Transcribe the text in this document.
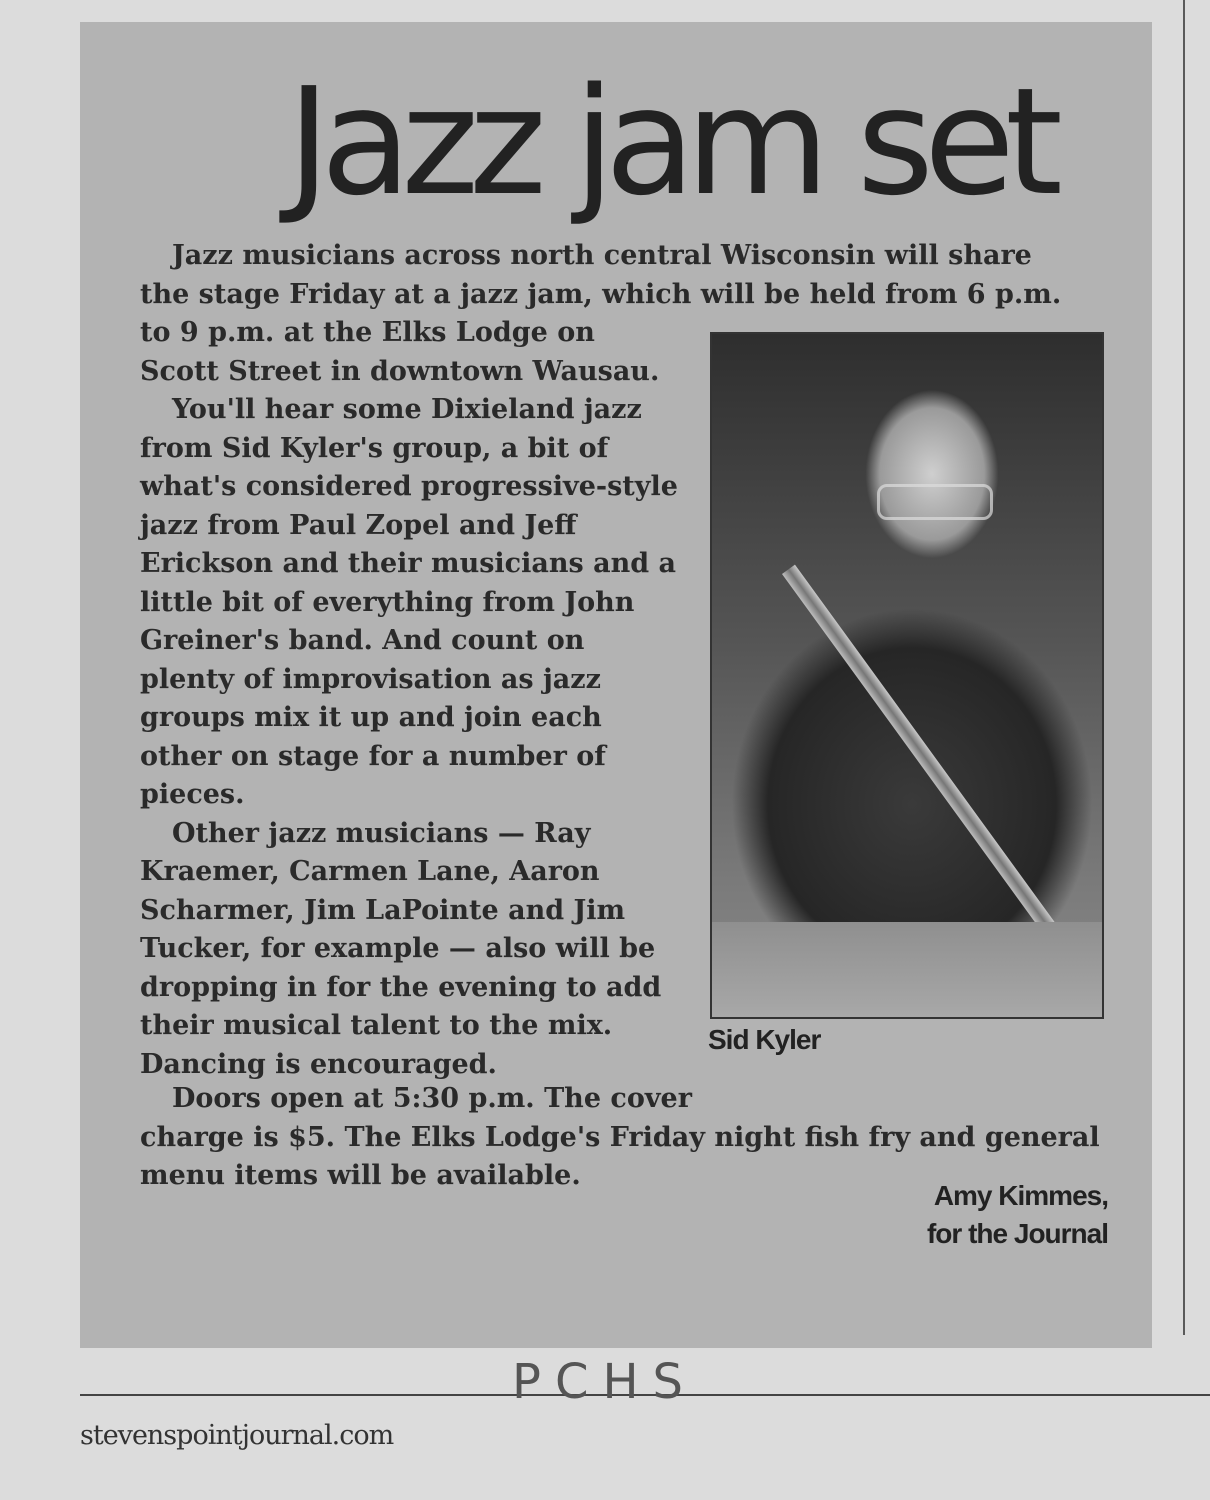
Jazz jam set

Jazz musicians across north central Wisconsin will share

the stage Friday at a jazz jam, which will be held from 6 p.m.

to 9 p.m. at the Elks Lodge on

Scott Street in downtown Wausau.

You'll hear some Dixieland jazz from Sid Kyler's group, a bit of what's considered progressive-style jazz from Paul Zopel and Jeff Erickson and their musicians and a little bit of everything from John Greiner's band. And count on plenty of improvisation as jazz groups mix it up and join each other on stage for a number of pieces.

Other jazz musicians — Ray Kraemer, Carmen Lane, Aaron Scharmer, Jim LaPointe and Jim Tucker, for example — also will be dropping in for the evening to add their musical talent to the mix. Dancing is encouraged.

Sid Kyler

Doors open at 5:30 p.m. The cover

charge is $5. The Elks Lodge's Friday night fish fry and general

menu items will be available.

Amy Kimmes,
for the Journal
PCHS
stevenspointjournal.com
